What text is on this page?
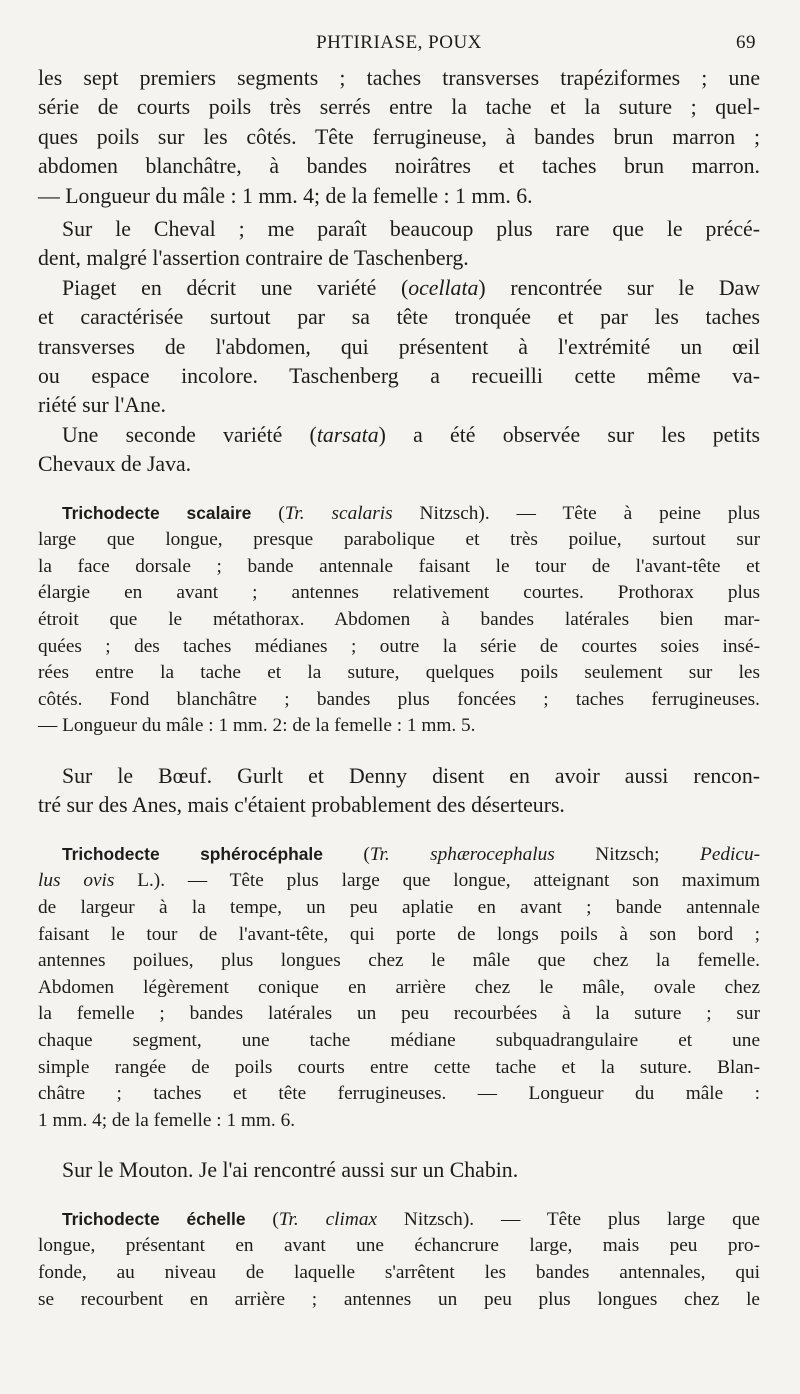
PHTIRIASE, POUX	69
les sept premiers segments ; taches transverses trapéziformes ; une
série de courts poils très serrés entre la tache et la suture ; quel-
ques poils sur les côtés. Tête ferrugineuse, à bandes brun marron ;
abdomen blanchâtre, à bandes noirâtres et taches brun marron.
— Longueur du mâle : 1 mm. 4; de la femelle : 1 mm. 6.
Sur le Cheval ; me paraît beaucoup plus rare que le précé-
dent, malgré l'assertion contraire de Taschenberg.
Piaget en décrit une variété (ocellata) rencontrée sur le Daw
et caractérisée surtout par sa tête tronquée et par les taches
transverses de l'abdomen, qui présentent à l'extrémité un œil
ou espace incolore. Taschenberg a recueilli cette même va-
riété sur l'Ane.
Une seconde variété (tarsata) a été observée sur les petits
Chevaux de Java.
Trichodecte scalaire (Tr. scalaris Nitzsch). — Tête à peine plus
large que longue, presque parabolique et très poilue, surtout sur
la face dorsale ; bande antennale faisant le tour de l'avant-tête et
élargie en avant ; antennes relativement courtes. Prothorax plus
étroit que le métathorax. Abdomen à bandes latérales bien mar-
quées ; des taches médianes ; outre la série de courtes soies insé-
rées entre la tache et la suture, quelques poils seulement sur les
côtés. Fond blanchâtre ; bandes plus foncées ; taches ferrugineuses.
— Longueur du mâle : 1 mm. 2: de la femelle : 1 mm. 5.
Sur le Bœuf. Gurlt et Denny disent en avoir aussi rencon-
tré sur des Anes, mais c'étaient probablement des déserteurs.
Trichodecte sphérocéphale (Tr. sphærocephalus Nitzsch; Pedicu-
lus ovis L.). — Tête plus large que longue, atteignant son maximum
de largeur à la tempe, un peu aplatie en avant ; bande antennale
faisant le tour de l'avant-tête, qui porte de longs poils à son bord ;
antennes poilues, plus longues chez le mâle que chez la femelle.
Abdomen légèrement conique en arrière chez le mâle, ovale chez
la femelle ; bandes latérales un peu recourbées à la suture ; sur
chaque segment, une tache médiane subquadrangulaire et une
simple rangée de poils courts entre cette tache et la suture. Blan-
châtre ; taches et tête ferrugineuses. — Longueur du mâle :
1 mm. 4; de la femelle : 1 mm. 6.
Sur le Mouton. Je l'ai rencontré aussi sur un Chabin.
Trichodecte échelle (Tr. climax Nitzsch). — Tête plus large que
longue, présentant en avant une échancrure large, mais peu pro-
fonde, au niveau de laquelle s'arrêtent les bandes antennales, qui
se recourbent en arrière ; antennes un peu plus longues chez le
